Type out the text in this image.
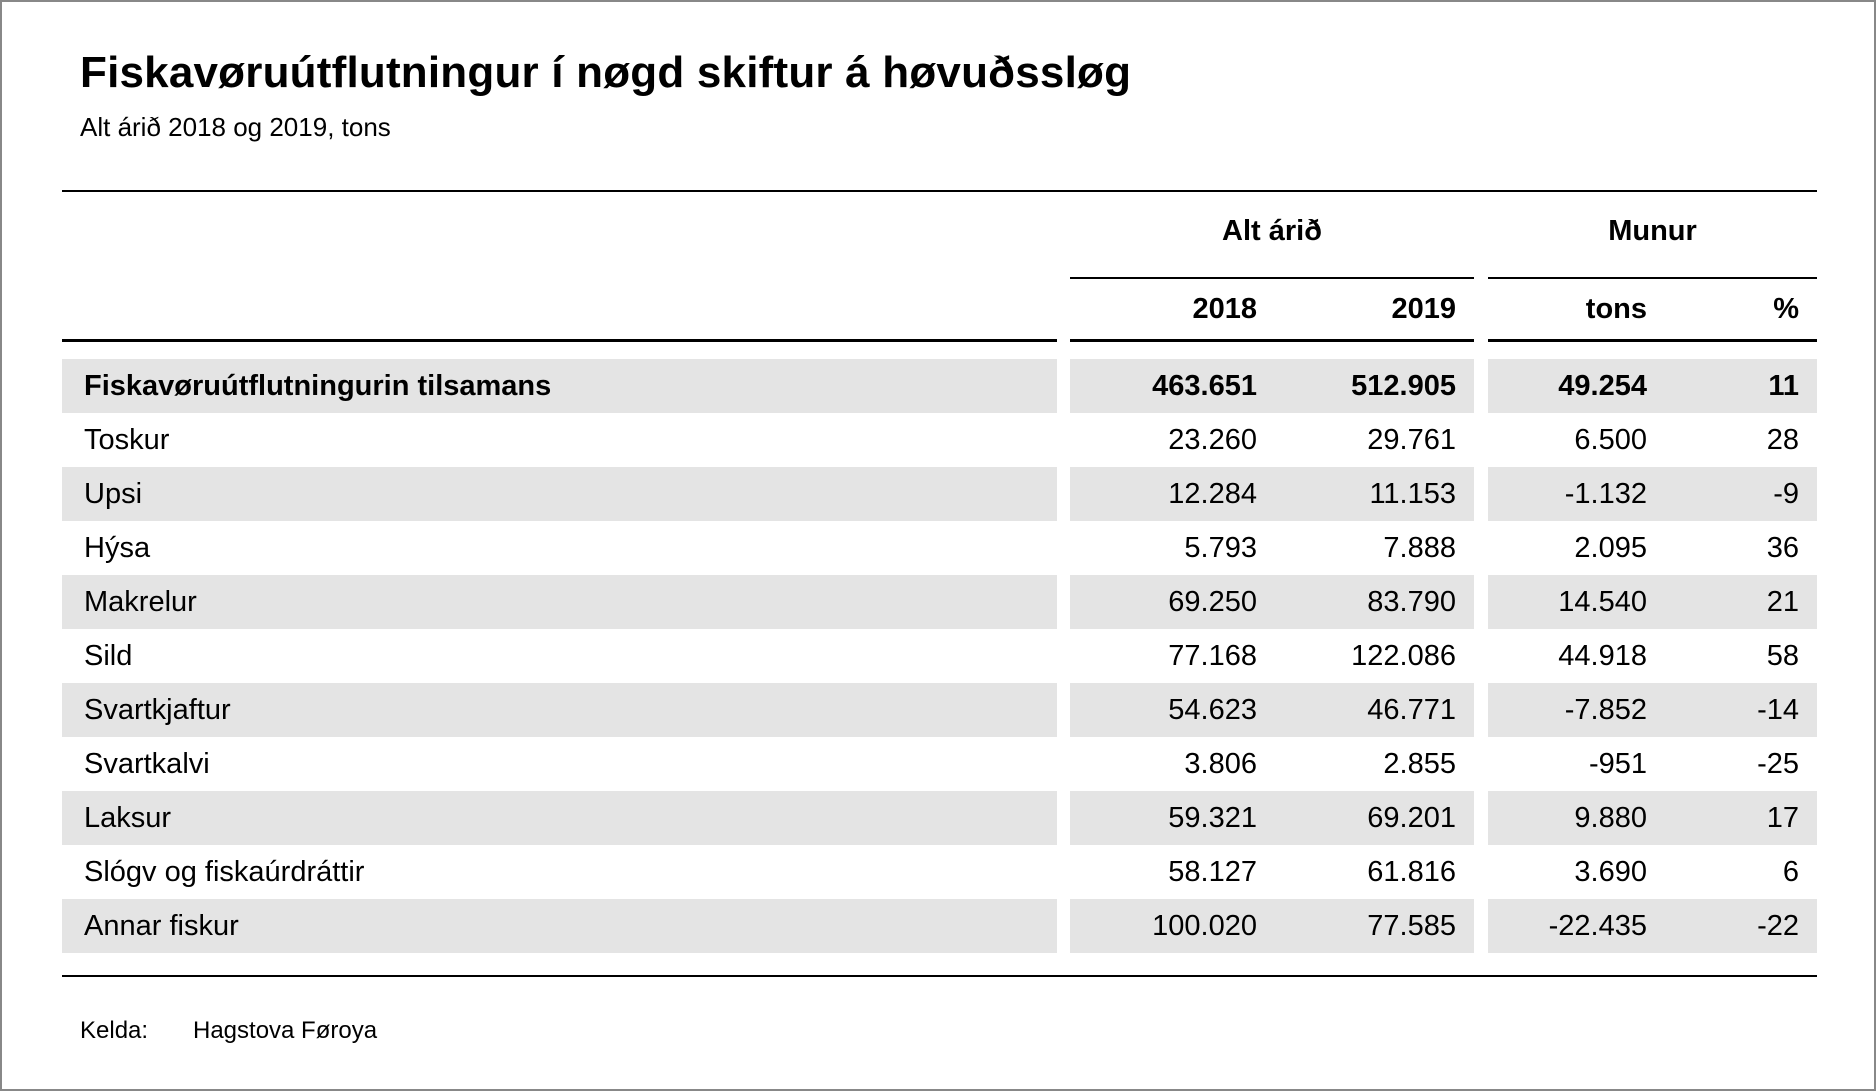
Fiskavøruútflutningur í nøgd skiftur á høvuðssløg
Alt árið 2018 og 2019, tons
Alt árið	Munur
2018	2019	tons	%
Fiskavøruútflutningurin tilsamans	463.651	512.905	49.254	11
Toskur	23.260	29.761	6.500	28
Upsi	12.284	11.153	-1.132	-9
Hýsa	5.793	7.888	2.095	36
Makrelur	69.250	83.790	14.540	21
Sild	77.168	122.086	44.918	58
Svartkjaftur	54.623	46.771	-7.852	-14
Svartkalvi	3.806	2.855	-951	-25
Laksur	59.321	69.201	9.880	17
Slógv og fiskaúrdráttir	58.127	61.816	3.690	6
Annar fiskur	100.020	77.585	-22.435	-22
Kelda: Hagstova Føroya
